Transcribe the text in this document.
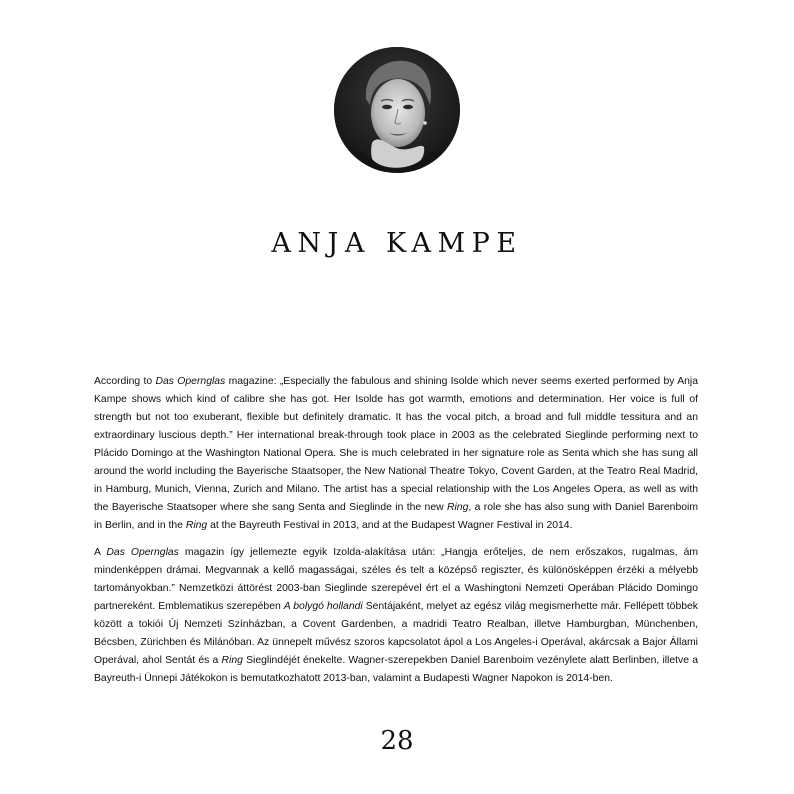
ANJA KAMPE

According to Das Opernglas magazine: „Especially the fabulous and shining Isolde which never seems exerted performed by Anja Kampe shows which kind of calibre she has got. Her Isolde has got warmth, emotions and determination. Her voice is full of strength but not too exuberant, flexible but definitely dramatic. It has the vocal pitch, a broad and full middle tessitura and an extraordinary luscious depth.” Her international break-through took place in 2003 as the celebrated Sieglinde performing next to Plácido Domingo at the Washington National Opera. She is much celebrated in her signature role as Senta which she has sung all around the world including the Bayerische Staatsoper, the New National Theatre Tokyo, Covent Garden, at the Teatro Real Madrid, in Hamburg, Munich, Vienna, Zurich and Milano. The artist has a special relationship with the Los Angeles Opera, as well as with the Bayerische Staatsoper where she sang Senta and Sieglinde in the new Ring, a role she has also sung with Daniel Barenboim in Berlin, and in the Ring at the Bayreuth Festival in 2013, and at the Budapest Wagner Festival in 2014.

A Das Opernglas magazin így jellemezte egyik Izolda-alakítása után: „Hangja erőteljes, de nem erőszakos, rugalmas, ám mindenképpen drámai. Megvannak a kellő magasságai, széles és telt a középső regiszter, és különösképpen érzéki a mélyebb tartományokban.” Nemzetközi áttörést 2003-ban Sieglinde szerepével ért el a Washingtoni Nemzeti Operában Plácido Domingo partnereként. Emblematikus szerepében A bolygó hollandi Sentájaként, melyet az egész világ megismerhette már. Fellépett többek között a tokiói Új Nemzeti Színházban, a Covent Gardenben, a madridi Teatro Realban, illetve Hamburgban, Münchenben, Bécsben, Zürichben és Milánóban. Az ünnepelt művész szoros kapcsolatot ápol a Los Angeles-i Operával, akárcsak a Bajor Állami Operával, ahol Sentát és a Ring Sieglindéjét énekelte. Wagner-szerepekben Daniel Barenboim vezénylete alatt Berlinben, illetve a Bayreuth-i Ünnepi Játékokon is bemutatkozhatott 2013-ban, valamint a Budapesti Wagner Napokon is 2014-ben.

28
